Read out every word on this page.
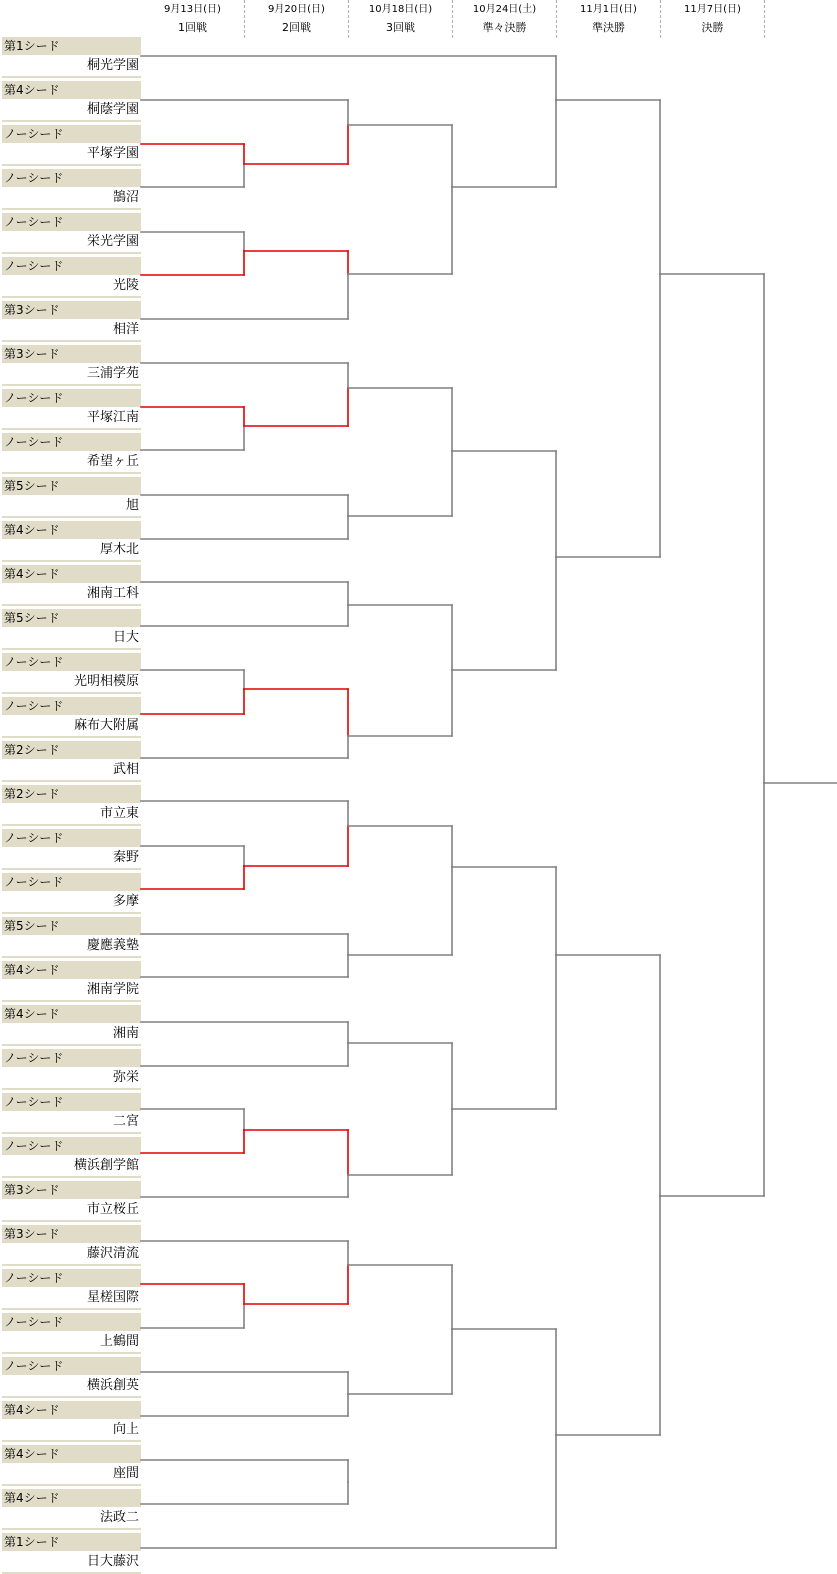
9月13日(日)
1回戦
9月20日(日)
2回戦
10月18日(日)
3回戦
10月24日(土)
準々決勝
11月1日(日)
準決勝
11月7日(日)
決勝
第1シード
桐光学園
第4シード
桐蔭学園
ノーシード
平塚学園
ノーシード
鵠沼
ノーシード
栄光学園
ノーシード
光陵
第3シード
相洋
第3シード
三浦学苑
ノーシード
平塚江南
ノーシード
希望ヶ丘
第5シード
旭
第4シード
厚木北
第4シード
湘南工科
第5シード
日大
ノーシード
光明相模原
ノーシード
麻布大附属
第2シード
武相
第2シード
市立東
ノーシード
秦野
ノーシード
多摩
第5シード
慶應義塾
第4シード
湘南学院
第4シード
湘南
ノーシード
弥栄
ノーシード
二宮
ノーシード
横浜創学館
第3シード
市立桜丘
第3シード
藤沢清流
ノーシード
星槎国際
ノーシード
上鶴間
ノーシード
横浜創英
第4シード
向上
第4シード
座間
第4シード
法政二
第1シード
日大藤沢
